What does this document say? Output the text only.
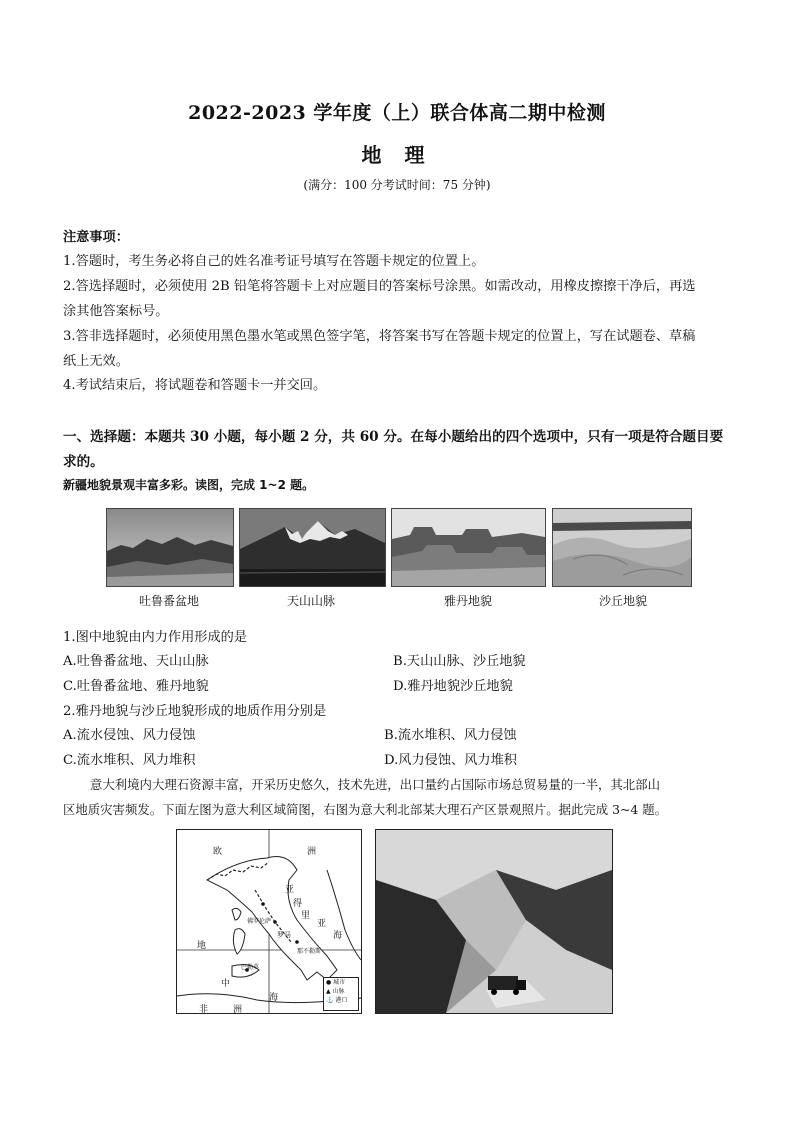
2022-2023 学年度（上）联合体高二期中检测
地 理
(满分：100 分考试时间：75 分钟)
注意事项：
1.答题时，考生务必将自己的姓名准考证号填写在答题卡规定的位置上。
2.答选择题时，必须使用 2B 铅笔将答题卡上对应题目的答案标号涂黑。如需改动，用橡皮擦擦干净后，再选
涂其他答案标号。
3.答非选择题时，必须使用黑色墨水笔或黑色签字笔，将答案书写在答题卡规定的位置上，写在试题卷、草稿
纸上无效。
4.考试结束后，将试题卷和答题卡一并交回。
一、选择题：本题共 30 小题，每小题 2 分，共 60 分。在每小题给出的四个选项中，只有一项是符合题目要
求的。
新疆地貌景观丰富多彩。读图，完成 1~2 题。
吐鲁番盆地	天山山脉	雅丹地貌	沙丘地貌
1.图中地貌由内力作用形成的是
A.吐鲁番盆地、天山山脉	B.天山山脉、沙丘地貌
C.吐鲁番盆地、雅丹地貌	D.雅丹地貌沙丘地貌
2.雅丹地貌与沙丘地貌形成的地质作用分别是
A.流水侵蚀、风力侵蚀	B.流水堆积、风力侵蚀
C.流水堆积、风力堆积	D.风力侵蚀、风力堆积
意大利境内大理石资源丰富，开采历史悠久，技术先进，出口量约占国际市场总贸易量的一半，其北部山
区地质灾害频发。下面左图为意大利区域简图，右图为意大利北部某大理石产区景观照片。据此完成 3~4 题。
欧	洲
亚
得
里
亚
海
地
中
海
非	洲
罗马
佛罗伦萨
那不勒斯
巴勒莫
● 城市
▲ 山脉
⚓ 港口
